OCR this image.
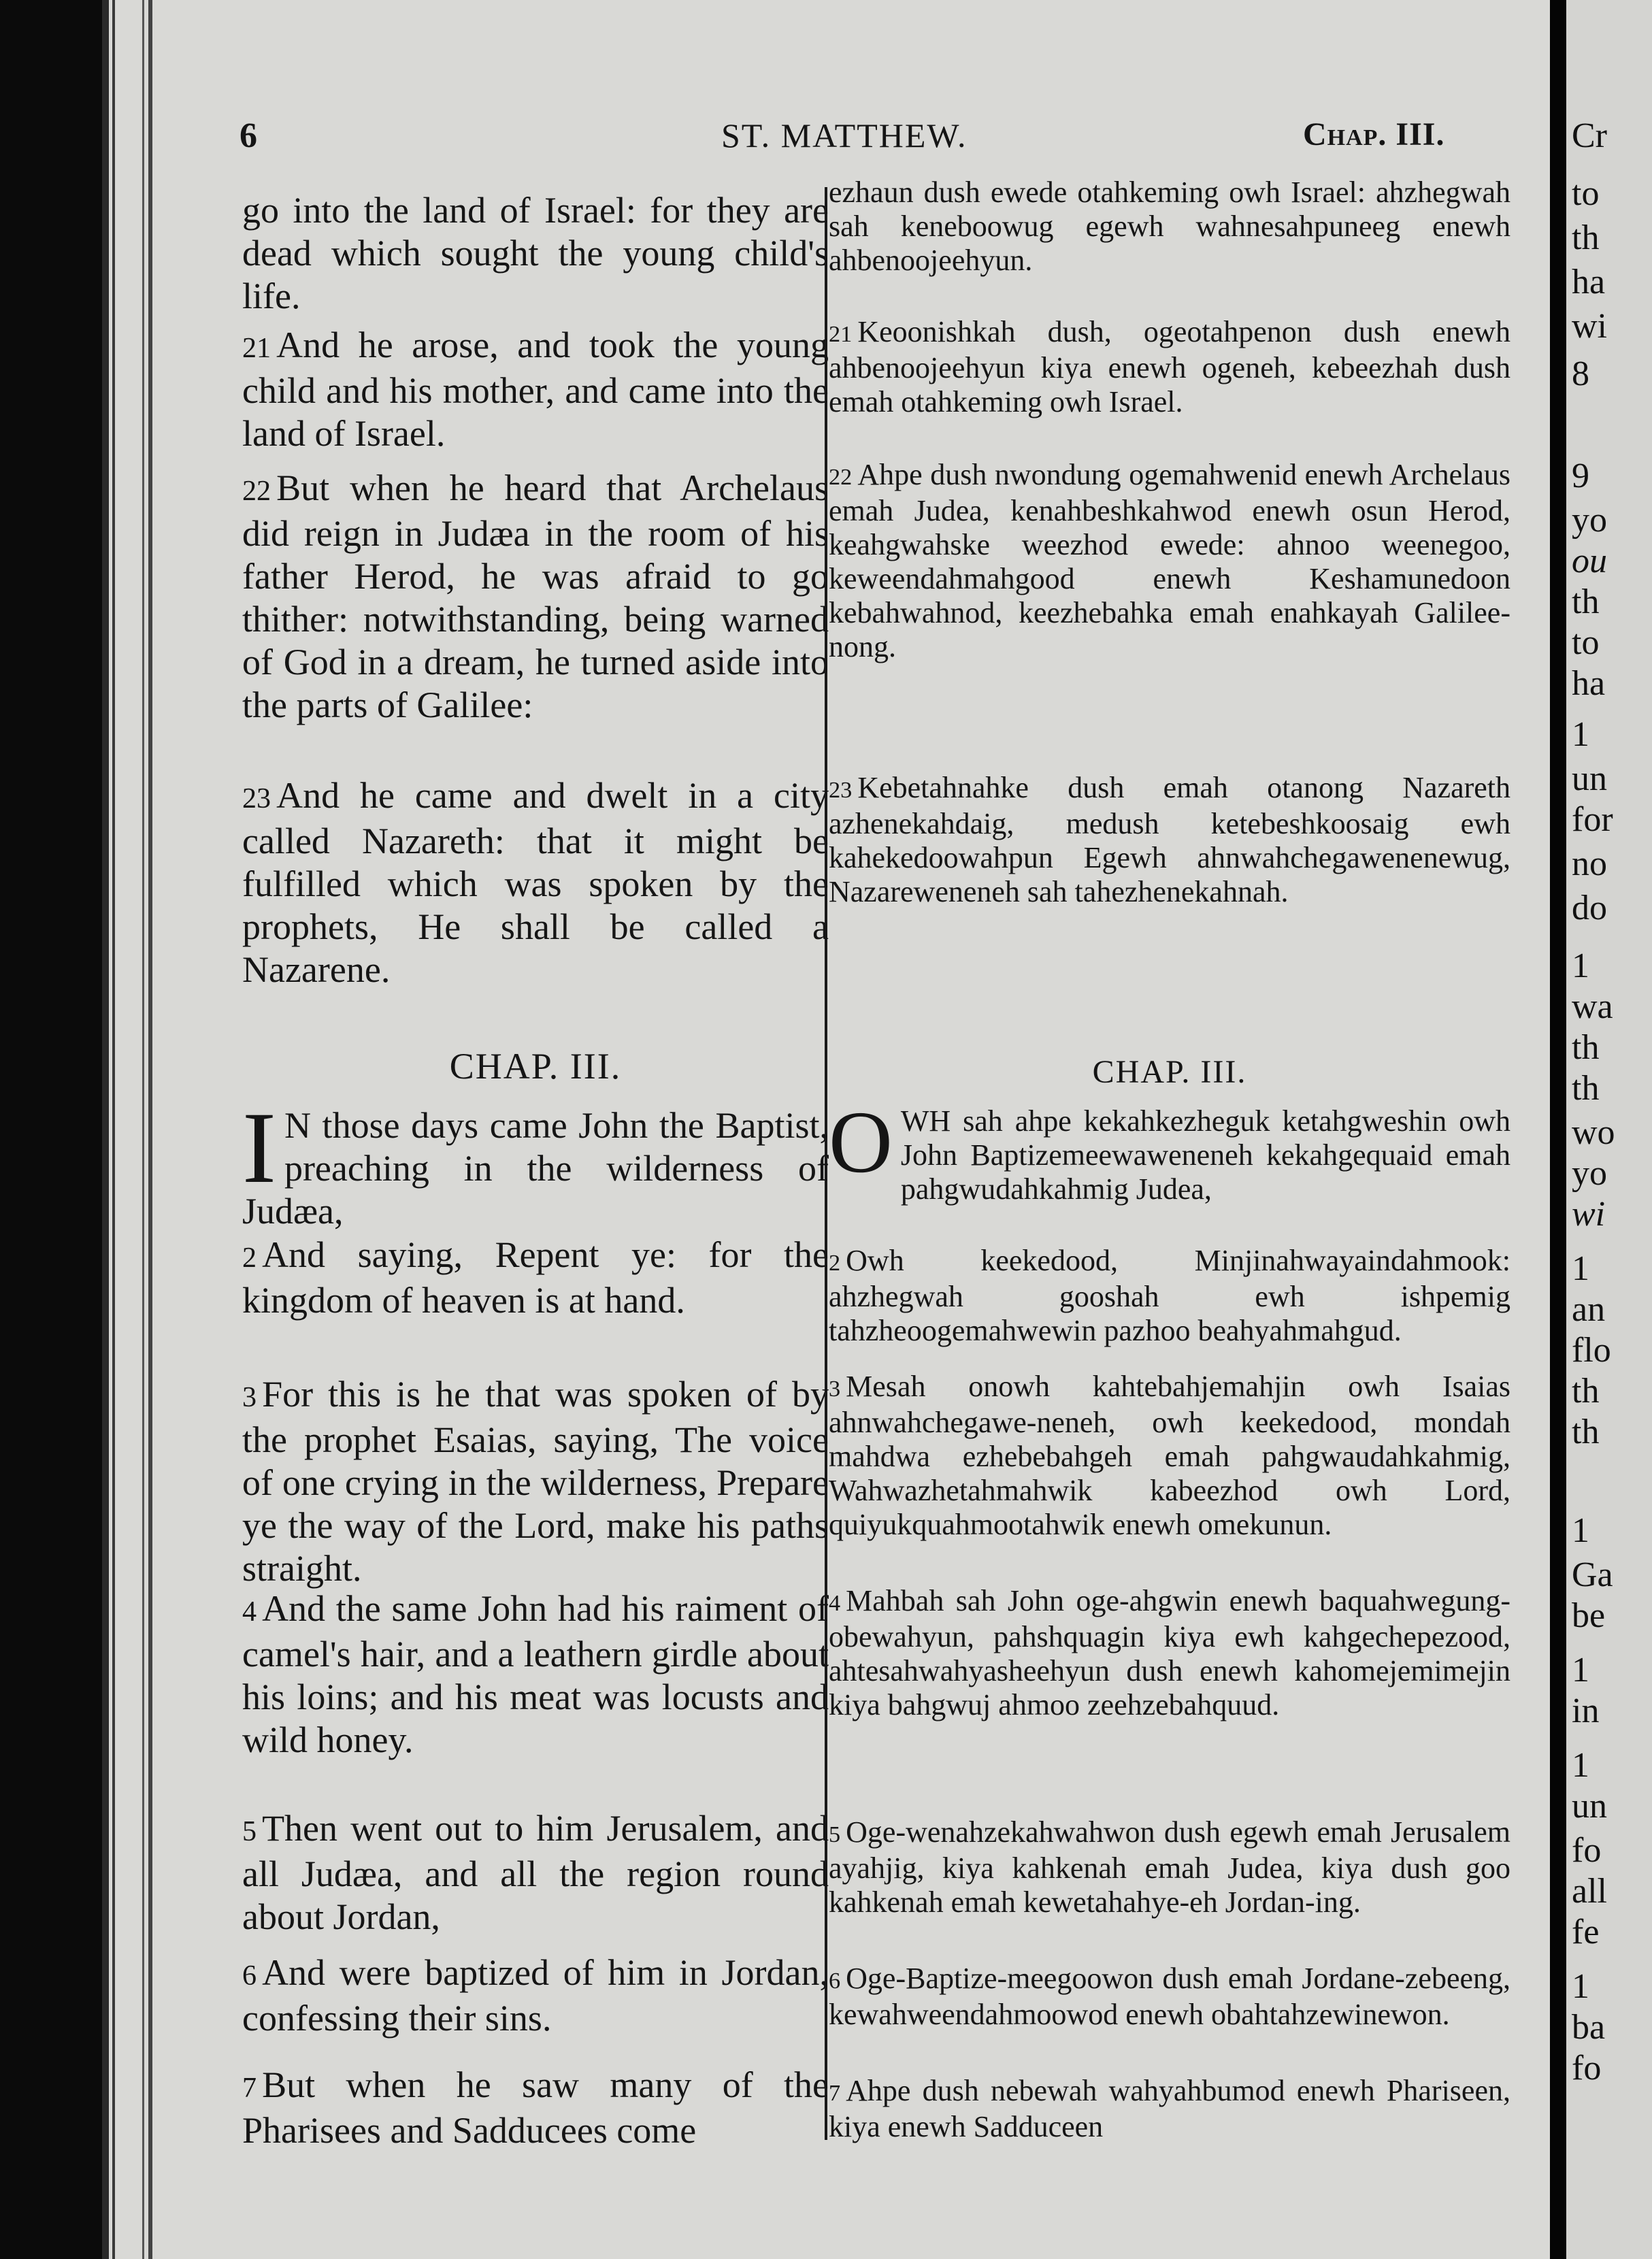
Cr
to
th
ha
wi
8
9
yo
ou
th
to
ha
1
un
for
no
do
1
wa
th
th
wo
yo
wi
1
an
flo
th
th
1
Ga
be
1
in
1
un
fo
all
fe
1
ba
fo
6	ST. MATTHEW.	Chap. III.
go into the land of Israel: for they are dead which sought the young child's life.
21 And he arose, and took the young child and his mother, and came into the land of Israel.
22 But when he heard that Archelaus did reign in Judæa in the room of his father Herod, he was afraid to go thither: notwithstanding, being warned of God in a dream, he turned aside into the parts of Galilee:
23 And he came and dwelt in a city called Nazareth: that it might be fulfilled which was spoken by the prophets, He shall be called a Nazarene.
CHAP. III.
I N those days came John the Baptist, preaching in the wilderness of Judæa,
2 And saying, Repent ye: for the kingdom of heaven is at hand.
3 For this is he that was spoken of by the prophet Esaias, saying, The voice of one crying in the wilderness, Prepare ye the way of the Lord, make his paths straight.
4 And the same John had his raiment of camel's hair, and a leathern girdle about his loins; and his meat was locusts and wild honey.
5 Then went out to him Jerusalem, and all Judæa, and all the region round about Jordan,
6 And were baptized of him in Jordan, confessing their sins.
7 But when he saw many of the Pharisees and Sadducees come
ezhaun dush ewede otahkeming owh Israel: ahzhegwah sah keneboowug egewh wahnesahpuneeg enewh ahbenoojeehyun.
21 Keoonishkah dush, ogeotahpenon dush enewh ahbenoojeehyun kiya enewh ogeneh, kebeezhah dush emah otahkeming owh Israel.
22 Ahpe dush nwondung ogemahwenid enewh Archelaus emah Judea, kenahbeshkahwod enewh osun Herod, keahgwahske weezhod ewede: ahnoo weenegoo, keweendahmahgood enewh Keshamunedoon kebahwahnod, keezhebahka emah enahkayah Galilee-nong.
23 Kebetahnahke dush emah otanong Nazareth azhenekahdaig, medush ketebeshkoosaig ewh kahekedoowahpun Egewh ahnwahchegawenenewug, Nazareweneneh sah tahezhenekahnah.
CHAP. III.
OWH sah ahpe kekahkezheguk ketahgweshin owh John Baptizemeewaweneneh kekahgequaid emah pahgwudahkahmig Judea,
2 Owh keekedood, Minjinahwayaindahmook: ahzhegwah gooshah ewh ishpemig tahzheoogemahwewin pazhoo beahyahmahgud.
3 Mesah onowh kahtebahjemahjin owh Isaias ahnwahchegawe-neneh, owh keekedood, mondah mahdwa ezhebebahgeh emah pahgwaudahkahmig, Wahwazhetahmahwik kabeezhod owh Lord, quiyukquahmootahwik enewh omekunun.
4 Mahbah sah John oge-ahgwin enewh baquahwegung-obewahyun, pahshquagin kiya ewh kahgechepezood, ahtesahwahyasheehyun dush enewh kahomejemimejin kiya bahgwuj ahmoo zeehzebahquud.
5 Oge-wenahzekahwahwon dush egewh emah Jerusalem ayahjig, kiya kahkenah emah Judea, kiya dush goo kahkenah emah kewetahahye-eh Jordan-ing.
6 Oge-Baptize-meegoowon dush emah Jordane-zebeeng, kewahweendahmoowod enewh obahtahzewinewon.
7 Ahpe dush nebewah wahyahbumod enewh Phariseen, kiya enewh Sadduceen
